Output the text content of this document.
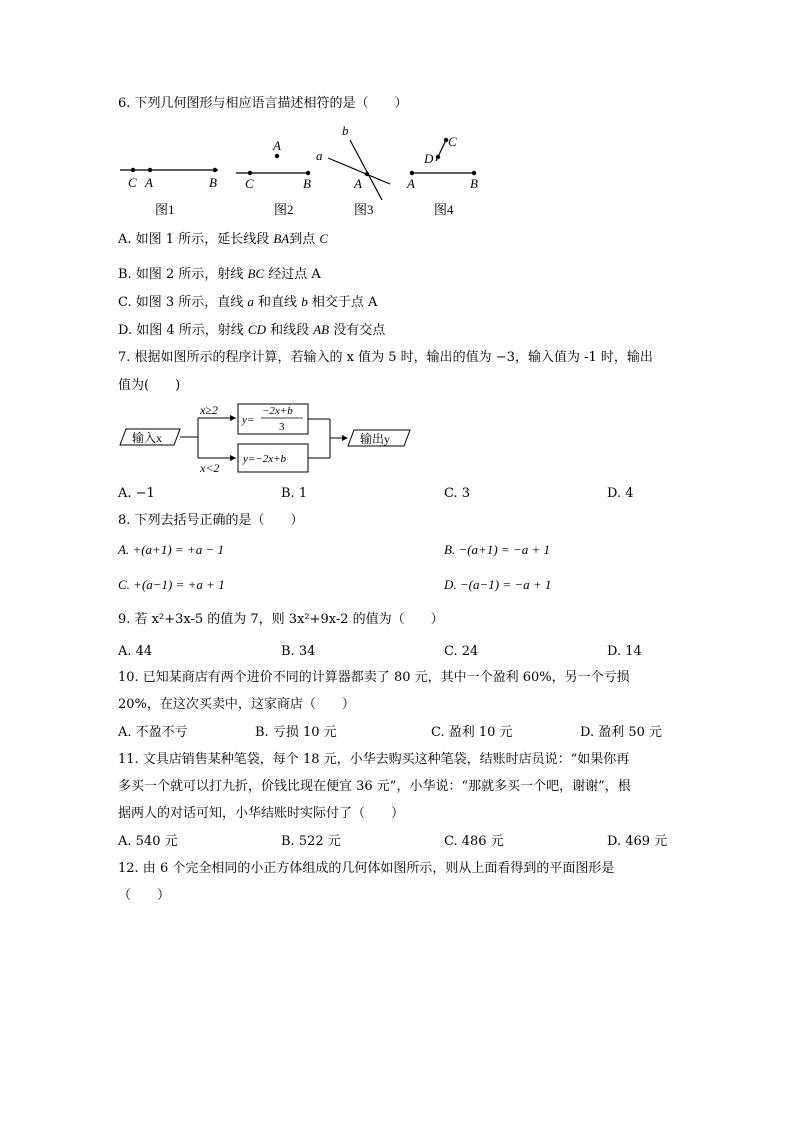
6. 下列几何图形与相应语言描述相符的是（　　）
C A	B
图1
A
C	B
图2
b
a
A
图3
C
D
A	B
图4
A. 如图 1 所示，延长线段 BA到点 C
B. 如图 2 所示，射线 BC 经过点 A
C. 如图 3 所示，直线 a 和直线 b 相交于点 A
D. 如图 4 所示，射线 CD 和线段 AB 没有交点
7. 根据如图所示的程序计算，若输入的 x 值为 5 时，输出的值为 −3，输入值为 -1 时，输出
值为(　　)
输入x
x≥2
x<2
y=
−2x+b
3
y=−2x+b
输出y
A. −1	B. 1	C. 3	D. 4
8. 下列去括号正确的是（　　）
A. +(a+1) = +a − 1	B. −(a+1) = −a + 1
C. +(a−1) = +a + 1	D. −(a−1) = −a + 1
9. 若 x²+3x-5 的值为 7，则 3x²+9x-2 的值为（　　）
A. 44	B. 34	C. 24	D. 14
10. 已知某商店有两个进价不同的计算器都卖了 80 元，其中一个盈利 60%，另一个亏损
20%，在这次买卖中，这家商店（　　）
A. 不盈不亏	B. 亏损 10 元	C. 盈利 10 元	D. 盈利 50 元
11. 文具店销售某种笔袋，每个 18 元，小华去购买这种笔袋，结账时店员说：“如果你再
多买一个就可以打九折，价钱比现在便宜 36 元”，小华说：“那就多买一个吧，谢谢”，根
据两人的对话可知，小华结账时实际付了（　　）
A. 540 元	B. 522 元	C. 486 元	D. 469 元
12. 由 6 个完全相同的小正方体组成的几何体如图所示，则从上面看得到的平面图形是
（　　）
